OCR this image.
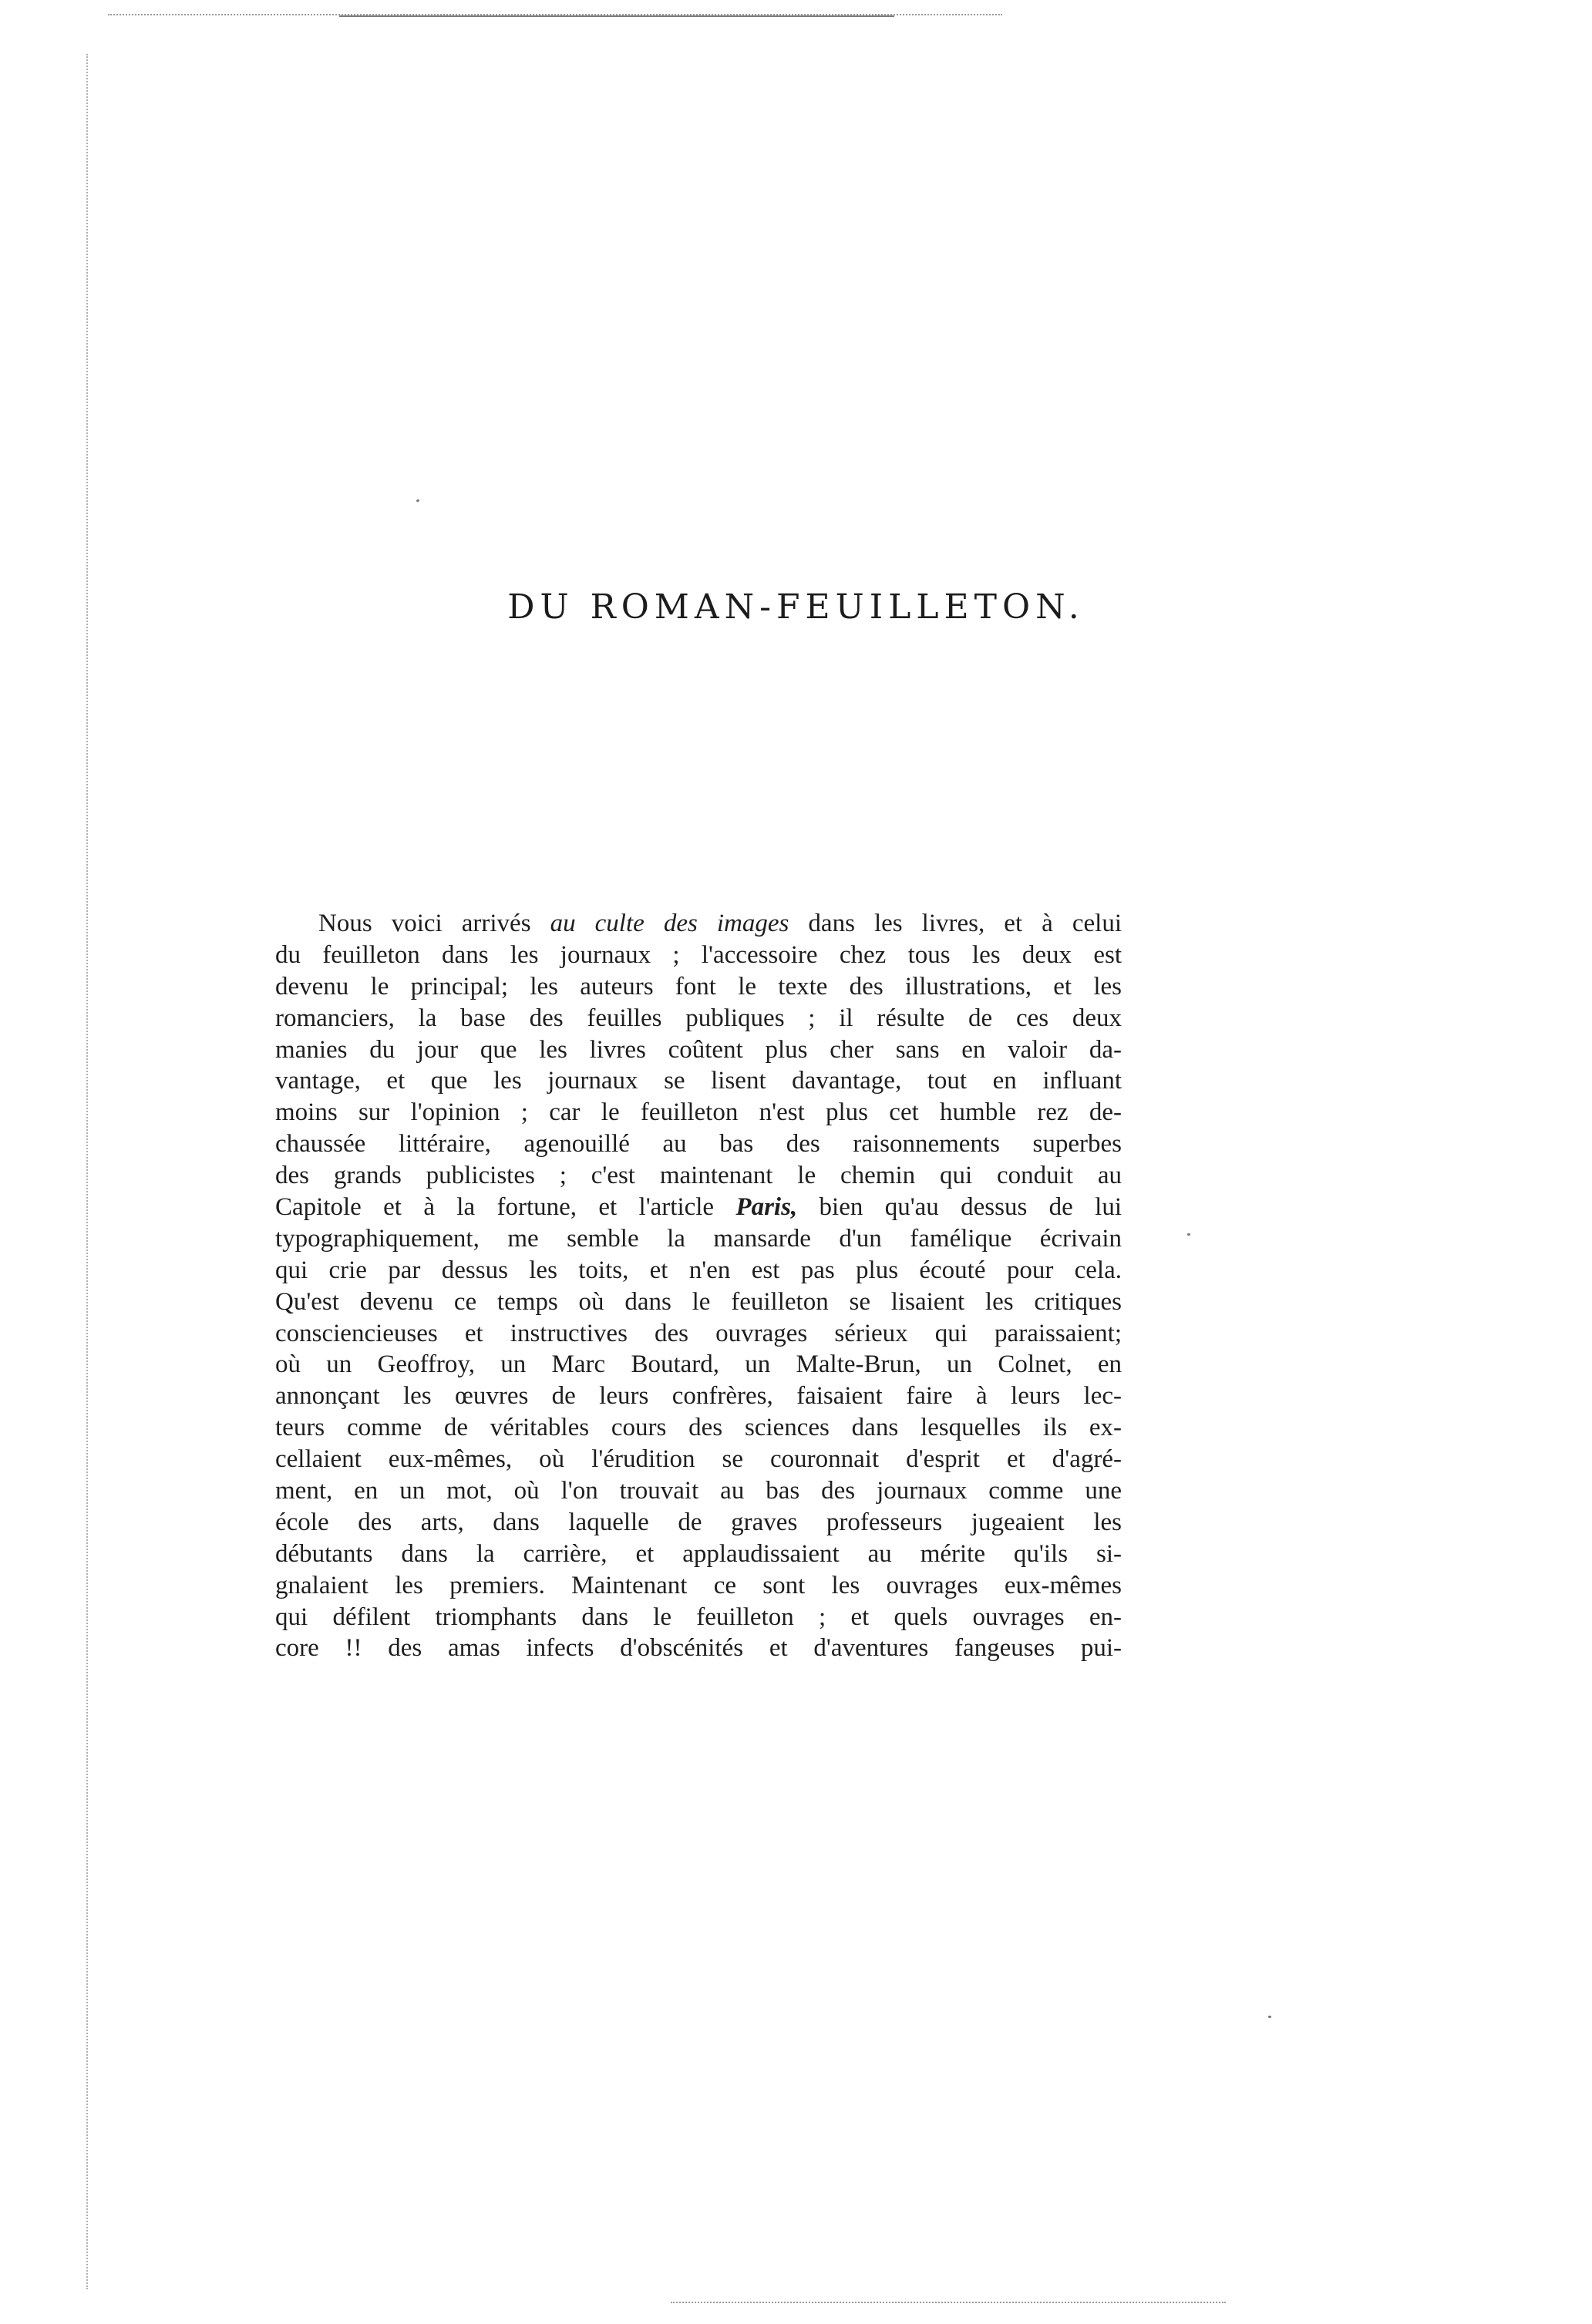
DU ROMAN-FEUILLETON.
Nous voici arrivés au culte des images dans les livres, et à celui
du feuilleton dans les journaux ; l'accessoire chez tous les deux est
devenu le principal; les auteurs font le texte des illustrations, et les
romanciers, la base des feuilles publiques ; il résulte de ces deux
manies du jour que les livres coûtent plus cher sans en valoir da-
vantage, et que les journaux se lisent davantage, tout en influant
moins sur l'opinion ; car le feuilleton n'est plus cet humble rez de-
chaussée littéraire, agenouillé au bas des raisonnements superbes
des grands publicistes ; c'est maintenant le chemin qui conduit au
Capitole et à la fortune, et l'article Paris, bien qu'au dessus de lui
typographiquement, me semble la mansarde d'un famélique écrivain
qui crie par dessus les toits, et n'en est pas plus écouté pour cela.
Qu'est devenu ce temps où dans le feuilleton se lisaient les critiques
consciencieuses et instructives des ouvrages sérieux qui paraissaient;
où un Geoffroy, un Marc Boutard, un Malte-Brun, un Colnet, en
annonçant les œuvres de leurs confrères, faisaient faire à leurs lec-
teurs comme de véritables cours des sciences dans lesquelles ils ex-
cellaient eux-mêmes, où l'érudition se couronnait d'esprit et d'agré-
ment, en un mot, où l'on trouvait au bas des journaux comme une
école des arts, dans laquelle de graves professeurs jugeaient les
débutants dans la carrière, et applaudissaient au mérite qu'ils si-
gnalaient les premiers. Maintenant ce sont les ouvrages eux-mêmes
qui défilent triomphants dans le feuilleton ; et quels ouvrages en-
core !! des amas infects d'obscénités et d'aventures fangeuses pui-
